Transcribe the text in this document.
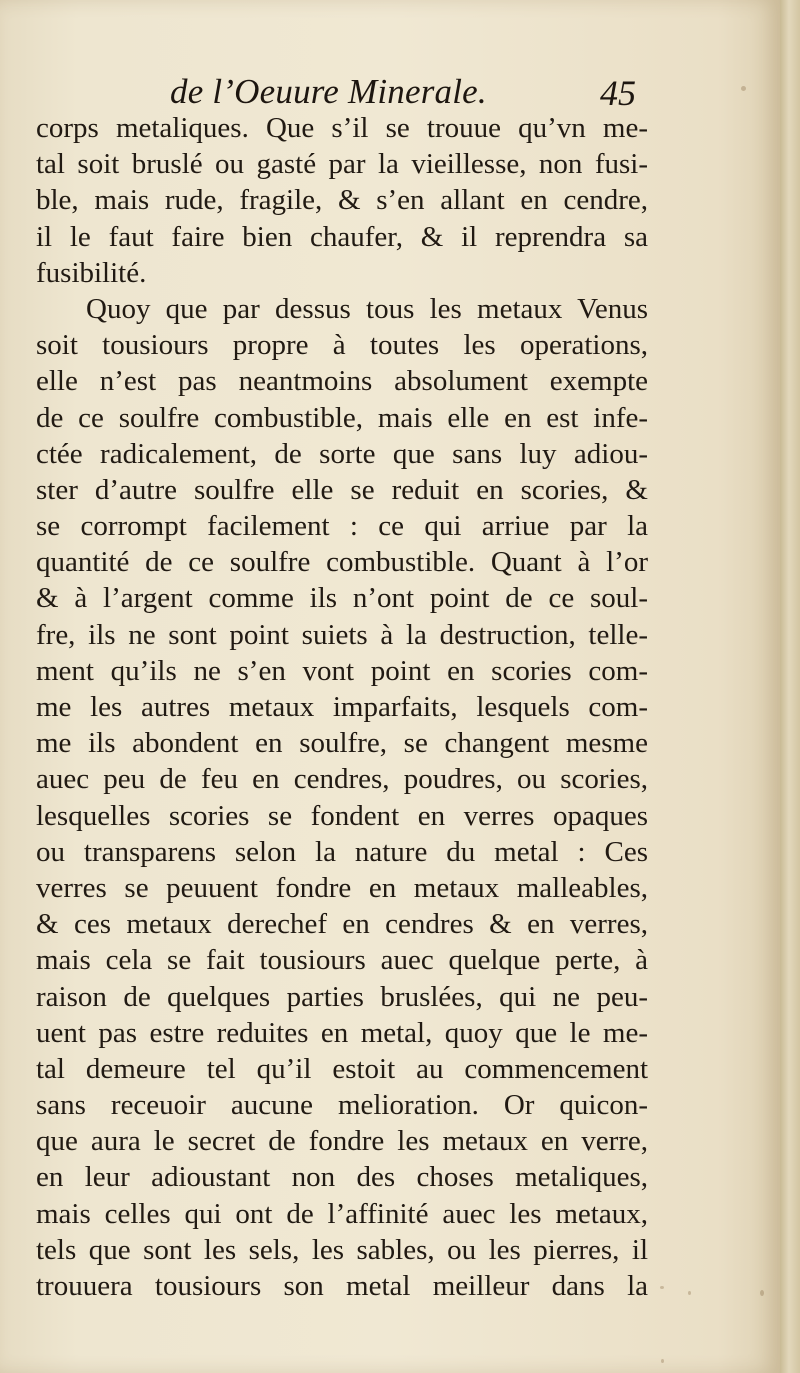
de l’Oeuure Minerale.	45
corps metaliques. Que s’il se trouue qu’vn me-
tal soit bruslé ou gasté par la vieillesse, non fusi-
ble, mais rude, fragile, & s’en allant en cendre,
il le faut faire bien chaufer, & il reprendra sa
fusibilité.
Quoy que par dessus tous les metaux Venus
soit tousiours propre à toutes les operations,
elle n’est pas neantmoins absolument exempte
de ce soulfre combustible, mais elle en est infe-
ctée radicalement, de sorte que sans luy adiou-
ster d’autre soulfre elle se reduit en scories, &
se corrompt facilement : ce qui arriue par la
quantité de ce soulfre combustible. Quant à l’or
& à l’argent comme ils n’ont point de ce soul-
fre, ils ne sont point suiets à la destruction, telle-
ment qu’ils ne s’en vont point en scories com-
me les autres metaux imparfaits, lesquels com-
me ils abondent en soulfre, se changent mesme
auec peu de feu en cendres, poudres, ou scories,
lesquelles scories se fondent en verres opaques
ou transparens selon la nature du metal : Ces
verres se peuuent fondre en metaux malleables,
& ces metaux derechef en cendres & en verres,
mais cela se fait tousiours auec quelque perte, à
raison de quelques parties bruslées, qui ne peu-
uent pas estre reduites en metal, quoy que le me-
tal demeure tel qu’il estoit au commencement
sans receuoir aucune melioration. Or quicon-
que aura le secret de fondre les metaux en verre,
en leur adioustant non des choses metaliques,
mais celles qui ont de l’affinité auec les metaux,
tels que sont les sels, les sables, ou les pierres, il
trouuera tousiours son metal meilleur dans la
